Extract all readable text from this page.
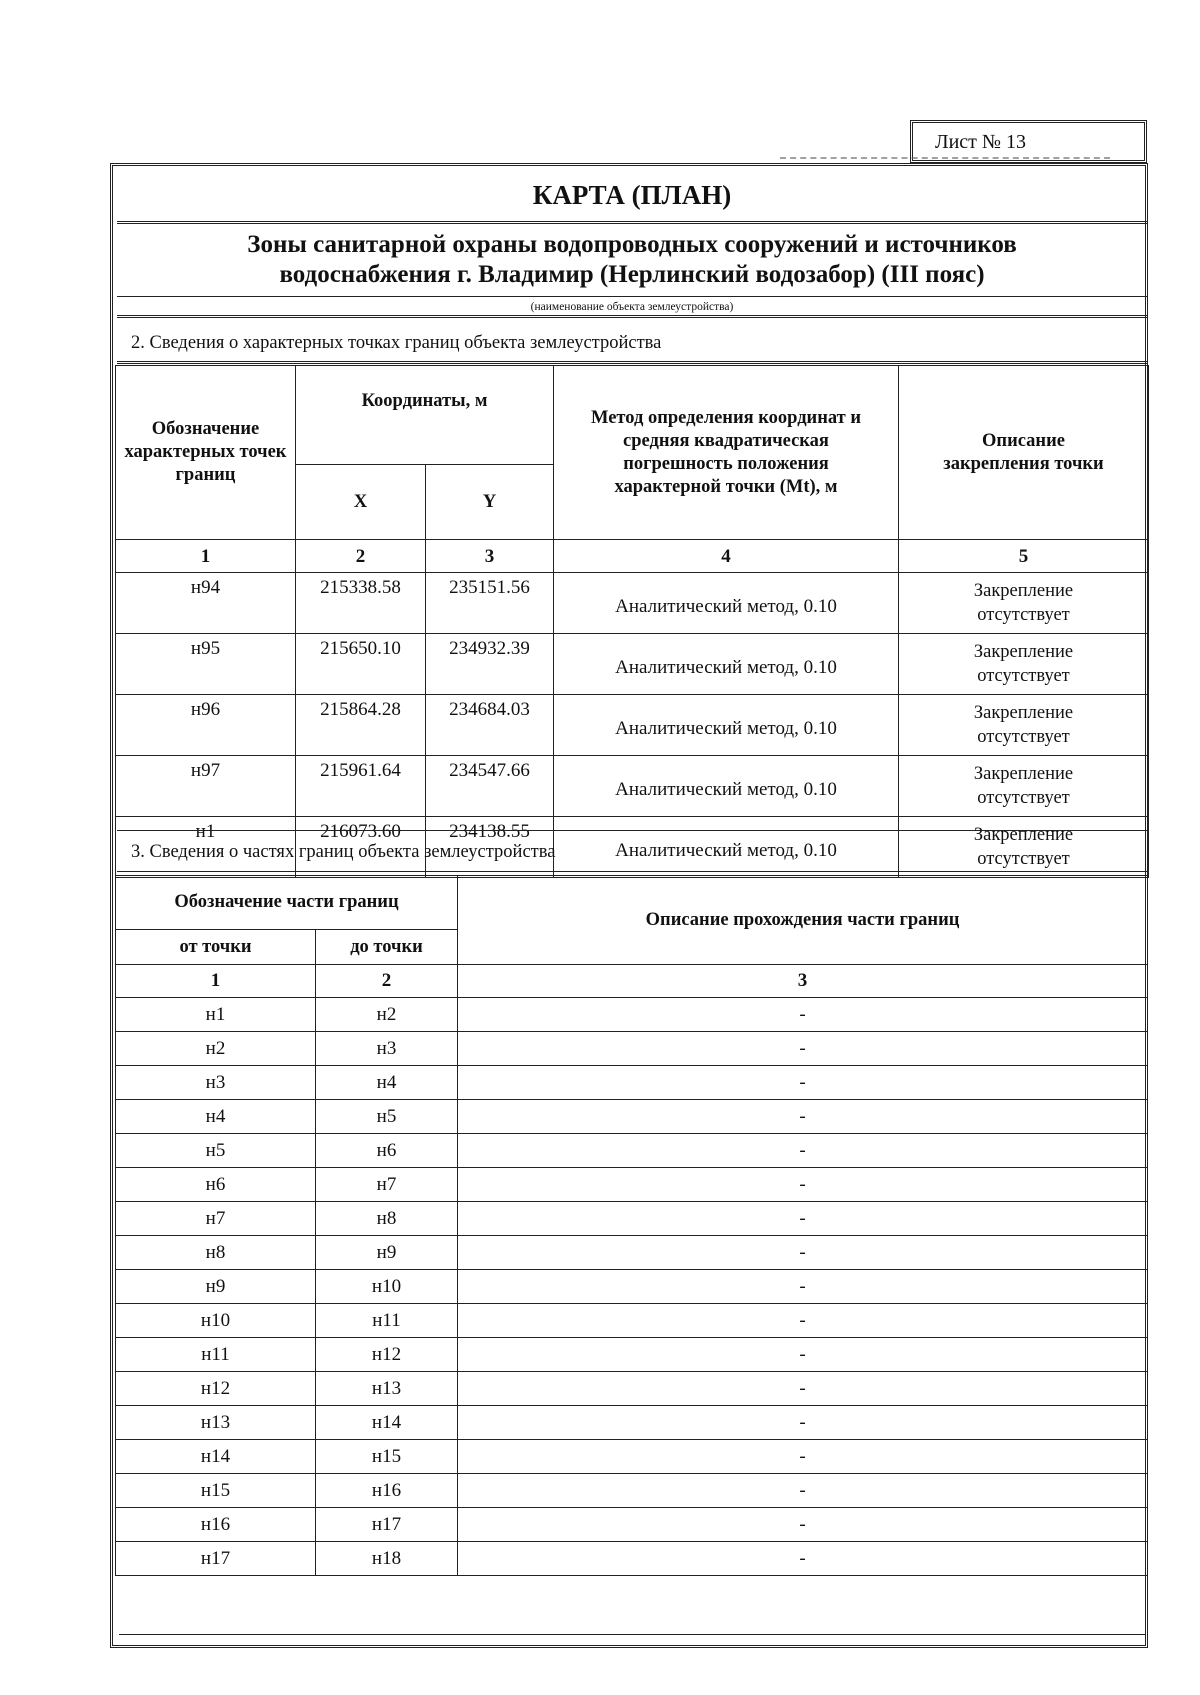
Лист № 13
КАРТА (ПЛАН)
Зоны санитарной охраны водопроводных сооружений и источников
водоснабжения г. Владимир (Нерлинский водозабор) (III пояс)
(наименование объекта землеустройства)
2. Сведения о характерных точках границ объекта землеустройства
Обозначение характерных точек границ	Координаты, м		Метод определения координат и средняя квадратическая погрешность положения характерной точки (Mt), м	Описание закрепления точки
	X	Y		
1	2	3	4	5
н94	215338.58	235151.56	Аналитический метод, 0.10	Закрепление
отсутствует

н95	215650.10	234932.39	Аналитический метод, 0.10	Закрепление
отсутствует

н96	215864.28	234684.03	Аналитический метод, 0.10	Закрепление
отсутствует

н97	215961.64	234547.66	Аналитический метод, 0.10	Закрепление
отсутствует

н1	216073.60	234138.55	Аналитический метод, 0.10	Закрепление
отсутствует
3. Сведения о частях границ объекта землеустройства
Обозначение части границ		Описание прохождения части границ
от точки	до точки	
1	2	3
н1	н2	-
н2	н3	-
н3	н4	-
н4	н5	-
н5	н6	-
н6	н7	-
н7	н8	-
н8	н9	-
н9	н10	-
н10	н11	-
н11	н12	-
н12	н13	-
н13	н14	-
н14	н15	-
н15	н16	-
н16	н17	-
н17	н18	-
